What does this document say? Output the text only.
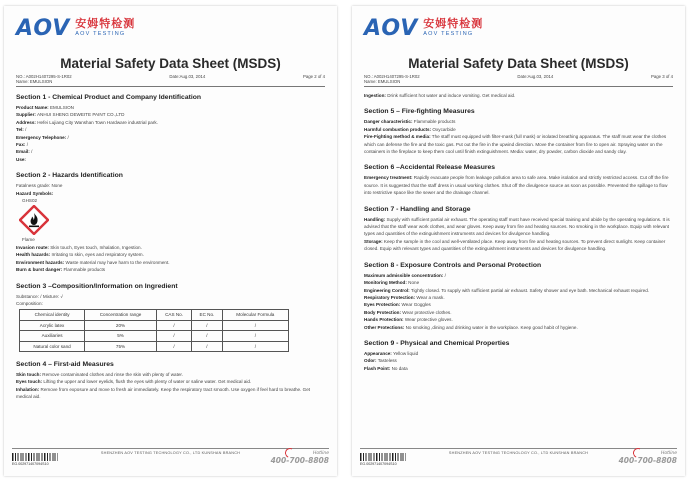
AOV 安姆特检测
AOV TESTING
Material Safety Data Sheet (MSDS)
NO.: A002H1407295-S-1R02	Date:Aug.03, 2014	Page 2 of 4
Name: EMULSION
Section 1 - Chemical Product and Company Identification
Product Name: EMULSION
Supplier: ANHUI SHENG DEWEITE PAINT CO.,LTD
Address: Hefei Lujiang City Wanshan Town Hardware industrial park.
Tel: /
Emergency Telephone: /
Fax: /
Email: /
Use:
Section 2 - Hazards Identification
Fatalness grade: None
Hazard Symbols:
GHS02
Flame
Invasion route: Skin touch, Eyes touch, Inhalation, Ingestion.
Health hazards: Irritating to skin, eyes and respiratory system.
Environment hazards: Waste material may have harm to the environment.
Burn & burst danger: Flammable products
Section 3 –Composition/Information on Ingredient
Substance: / Mixture: √
Composition:
Chemical identity	Concentration range	CAS No.	EC No.	Molecular Formula
Acrylic latex	20%	/	/	/
Auxiliaries	5%	/	/	/
Natural color sand	75%	/	/	/
Section 4 – First-aid Measures
Skin touch: Remove contaminated clothes and rinse the skin with plenty of water.
Eyes touch: Lifting the upper and lower eyelids, flush the eyes with plenty of water or saline water. Get medical aid.
Inhalation: Remove from exposure and move to fresh air immediately. Keep the respiratory tract smooth. Use oxygen if feel hard to breathe. Get medical aid.
SHENZHEN AOV TESTING TECHNOLOGY CO., LTD KUNSHAN BRANCH
EG.002971407094S10
Hotline
400-700-8808
AOV 安姆特检测
AOV TESTING
Material Safety Data Sheet (MSDS)
NO.: A002H1407295-S-1R02	Date:Aug.03, 2014	Page 3 of 4
Name: EMULSION
Ingestion: Drink sufficient hot water and induce vomiting. Get medical aid.
Section 5 – Fire-fighting Measures
Danger characteristic: Flammable products
Harmful combustion products: Oxycarbide
Fire-Fighting method & media: The staff must equipped with filter-mask (full mask) or isolated breathing apparatus. The staff must wear the clothes which can defense the fire and the toxic gas. Put out the fire in the upwind direction. Move the container from fire to open air. Spraying water on the containers in the fireplace to keep them cool until finish extinguishment. Media: water, dry powder, carbon dioxide and sandy clay.
Section 6 –Accidental Release Measures
Emergency treatment: Rapidly evacuate people from leakage pollution area to safe area. Make isolation and strictly restricted access. Cut off the fire source. It is suggested that the staff dress in usual working clothes. Shut off the divulgence source as soon as possible. Prevented the spillage to flow into restrictive space like the sewer and the drainage channel.
Section 7 - Handling and Storage
Handling: Supply with sufficient partial air exhaust. The operating staff must have received special training and abide by the operating regulations. It is advised that the staff wear work clothes, and wear gloves. Keep away from fire and heating sources. No smoking in the workplace. Equip with relevant types and quantities of the extinguishment instruments and devices for divulgence handling.
Storage: Keep the sample in the cool and well-ventilated place. Keep away from fire and heating sources. To prevent direct sunlight. Keep container closed. Equip with relevant types and quantities of the extinguishment instruments and devices for divulgence handling.
Section 8 - Exposure Controls and Personal Protection
Maximum admissible concentration: /
Monitoring Method: None
Engineering Control: Tightly closed. To supply with sufficient partial air exhaust. Safety shower and eye bath. Mechanical exhaust required.
Respiratory Protection: Wear a mask.
Eyes Protection: Wear Goggles
Body Protection: Wear protective clothes.
Hands Protection: Wear protective gloves.
Other Protections: No smoking ,dining and drinking water in the workplace. Keep good habit of hygiene.
Section 9 - Physical and Chemical Properties
Appearance: Yellow liquid
Odor: Tasteless
Flash Point: No data
SHENZHEN AOV TESTING TECHNOLOGY CO., LTD KUNSHAN BRANCH
EG.002971407094S10
Hotline
400-700-8808
